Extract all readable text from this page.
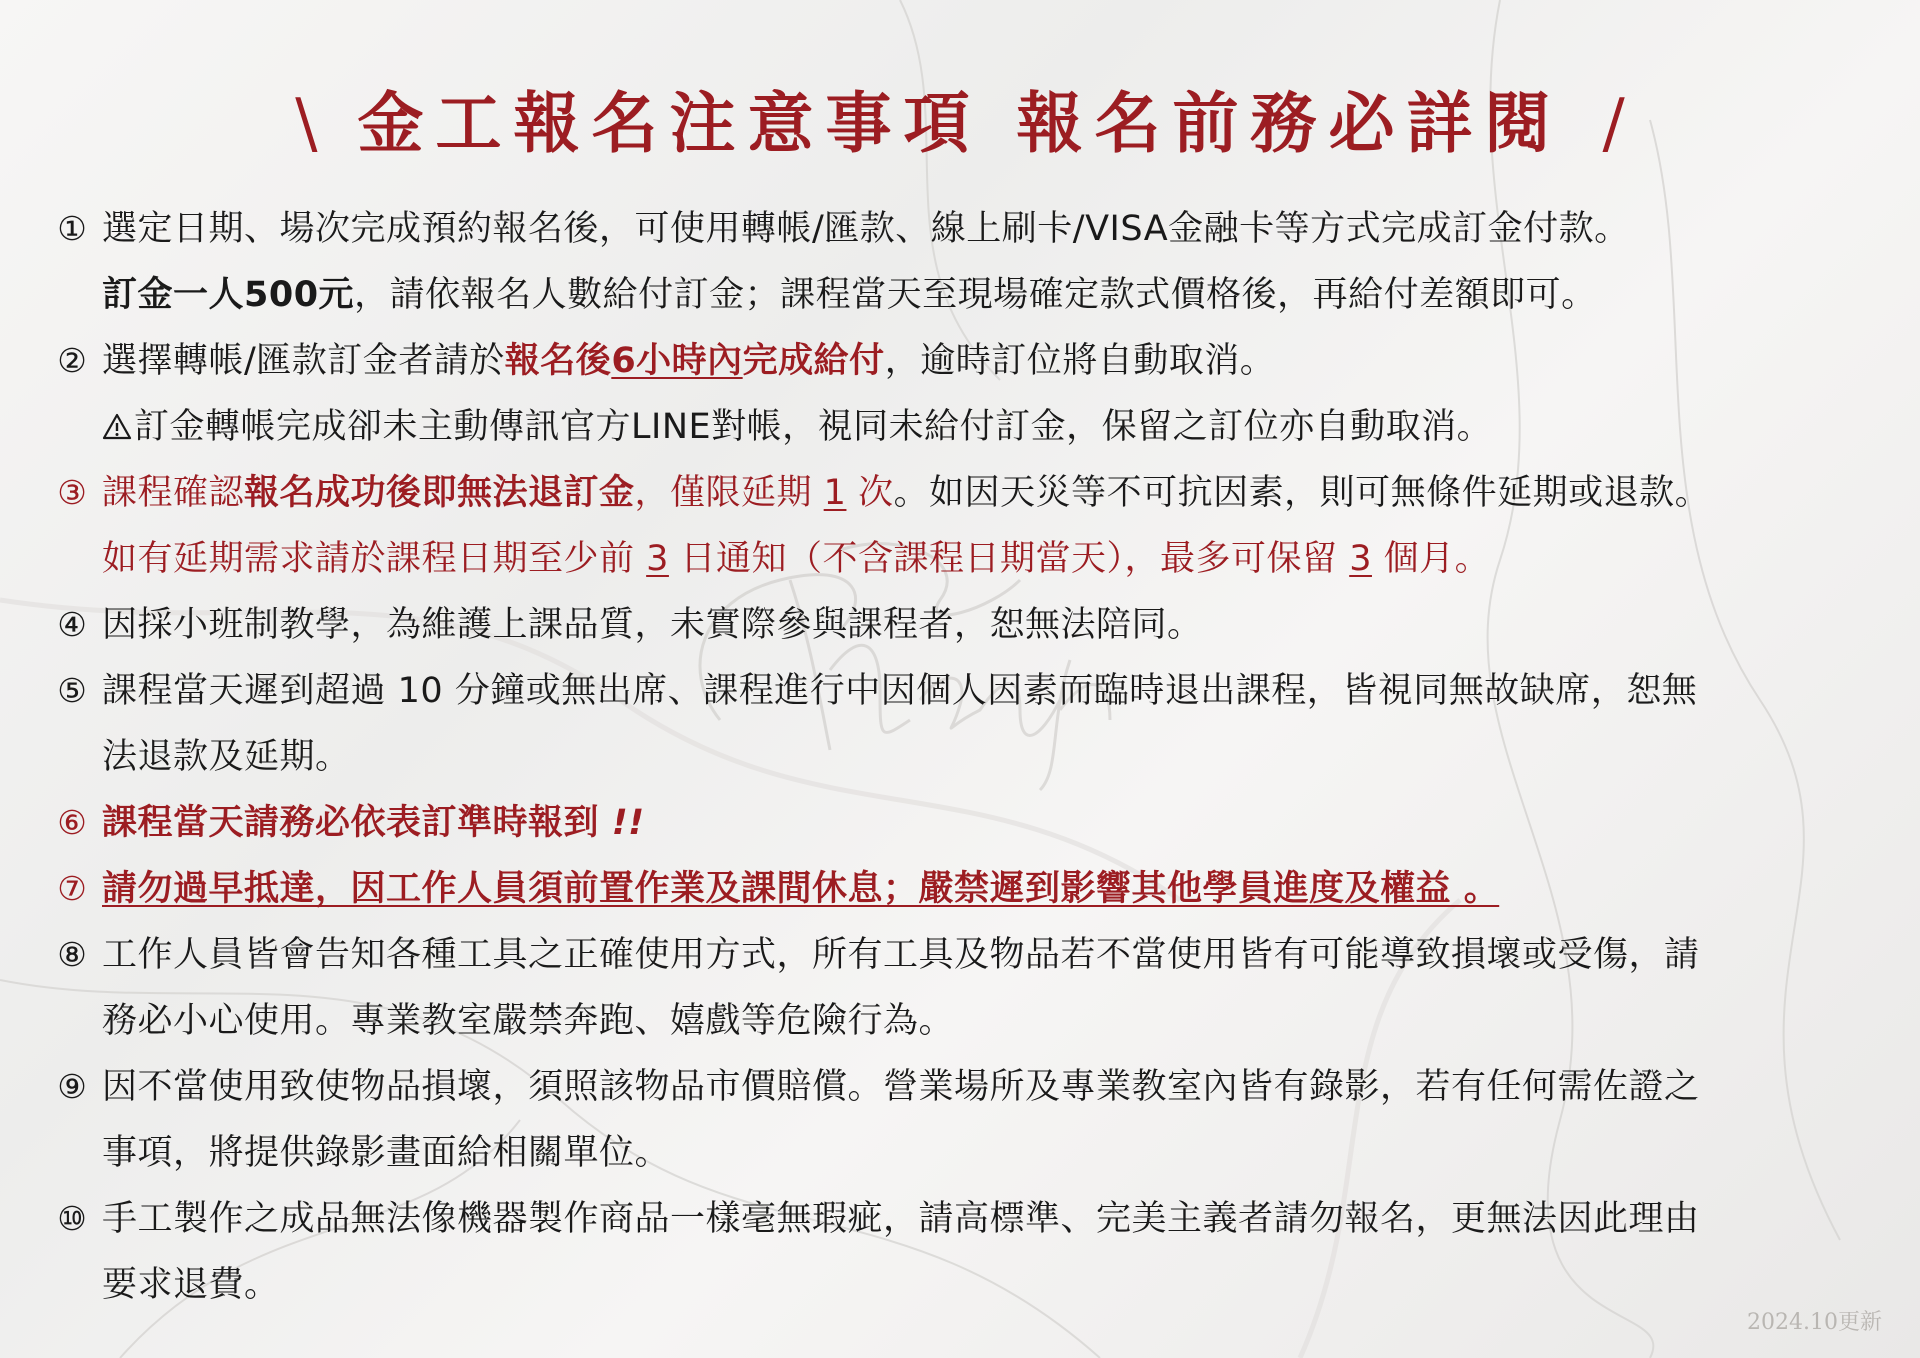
\ 金工報名注意事項 報名前務必詳閱 /
① 選定日期、場次完成預約報名後，可使用轉帳/匯款、線上刷卡/VISA金融卡等方式完成訂金付款。
訂金一人500元，請依報名人數給付訂金；課程當天至現場確定款式價格後，再給付差額即可。
② 選擇轉帳/匯款訂金者請於報名後6小時內完成給付，逾時訂位將自動取消。
訂金轉帳完成卻未主動傳訊官方LINE對帳，視同未給付訂金，保留之訂位亦自動取消。
③ 課程確認報名成功後即無法退訂金，僅限延期 1 次。如因天災等不可抗因素，則可無條件延期或退款。
如有延期需求請於課程日期至少前 3 日通知（不含課程日期當天），最多可保留 3 個月。
④ 因採小班制教學，為維護上課品質，未實際參與課程者，恕無法陪同。
⑤ 課程當天遲到超過 10 分鐘或無出席、課程進行中因個人因素而臨時退出課程，皆視同無故缺席，恕無
法退款及延期。
⑥ 課程當天請務必依表訂準時報到 !!
⑦ 請勿過早抵達，因工作人員須前置作業及課間休息；嚴禁遲到影響其他學員進度及權益 。
⑧ 工作人員皆會告知各種工具之正確使用方式，所有工具及物品若不當使用皆有可能導致損壞或受傷，請
務必小心使用。專業教室嚴禁奔跑、嬉戲等危險行為。
⑨ 因不當使用致使物品損壞，須照該物品市價賠償。營業場所及專業教室內皆有錄影，若有任何需佐證之
事項，將提供錄影畫面給相關單位。
⑩ 手工製作之成品無法像機器製作商品一樣毫無瑕疵，請高標準、完美主義者請勿報名，更無法因此理由
要求退費。
2024.10更新
